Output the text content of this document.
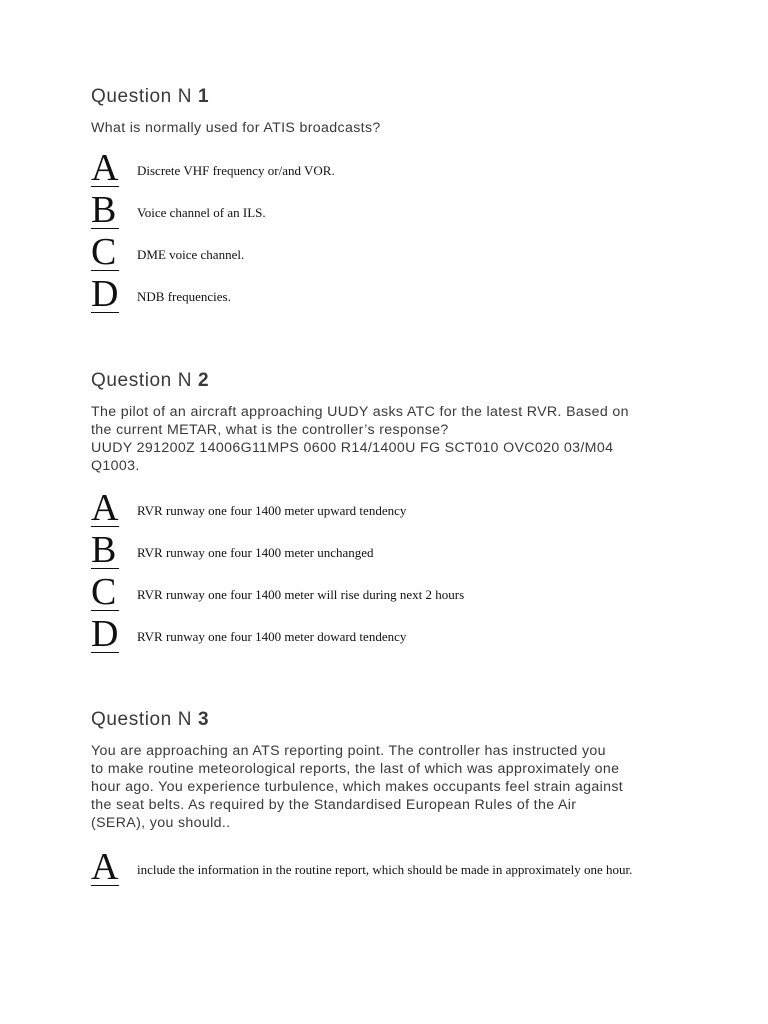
Question N 1

What is normally used for ATIS broadcasts?

A Discrete VHF frequency or/and VOR.
B Voice channel of an ILS.
C DME voice channel.
D NDB frequencies.
Question N 2

The pilot of an aircraft approaching UUDY asks ATC for the latest RVR. Based on
the current METAR, what is the controller’s response?
UUDY 291200Z 14006G11MPS 0600 R14/1400U FG SCT010 OVC020 03/M04
Q1003.

A RVR runway one four 1400 meter upward tendency
B RVR runway one four 1400 meter unchanged
C RVR runway one four 1400 meter will rise during next 2 hours
D RVR runway one four 1400 meter doward tendency
Question N 3

You are approaching an ATS reporting point. The controller has instructed you
to make routine meteorological reports, the last of which was approximately one
hour ago. You experience turbulence, which makes occupants feel strain against
the seat belts. As required by the Standardised European Rules of the Air
(SERA), you should..

A include the information in the routine report, which should be made in approximately one hour.
